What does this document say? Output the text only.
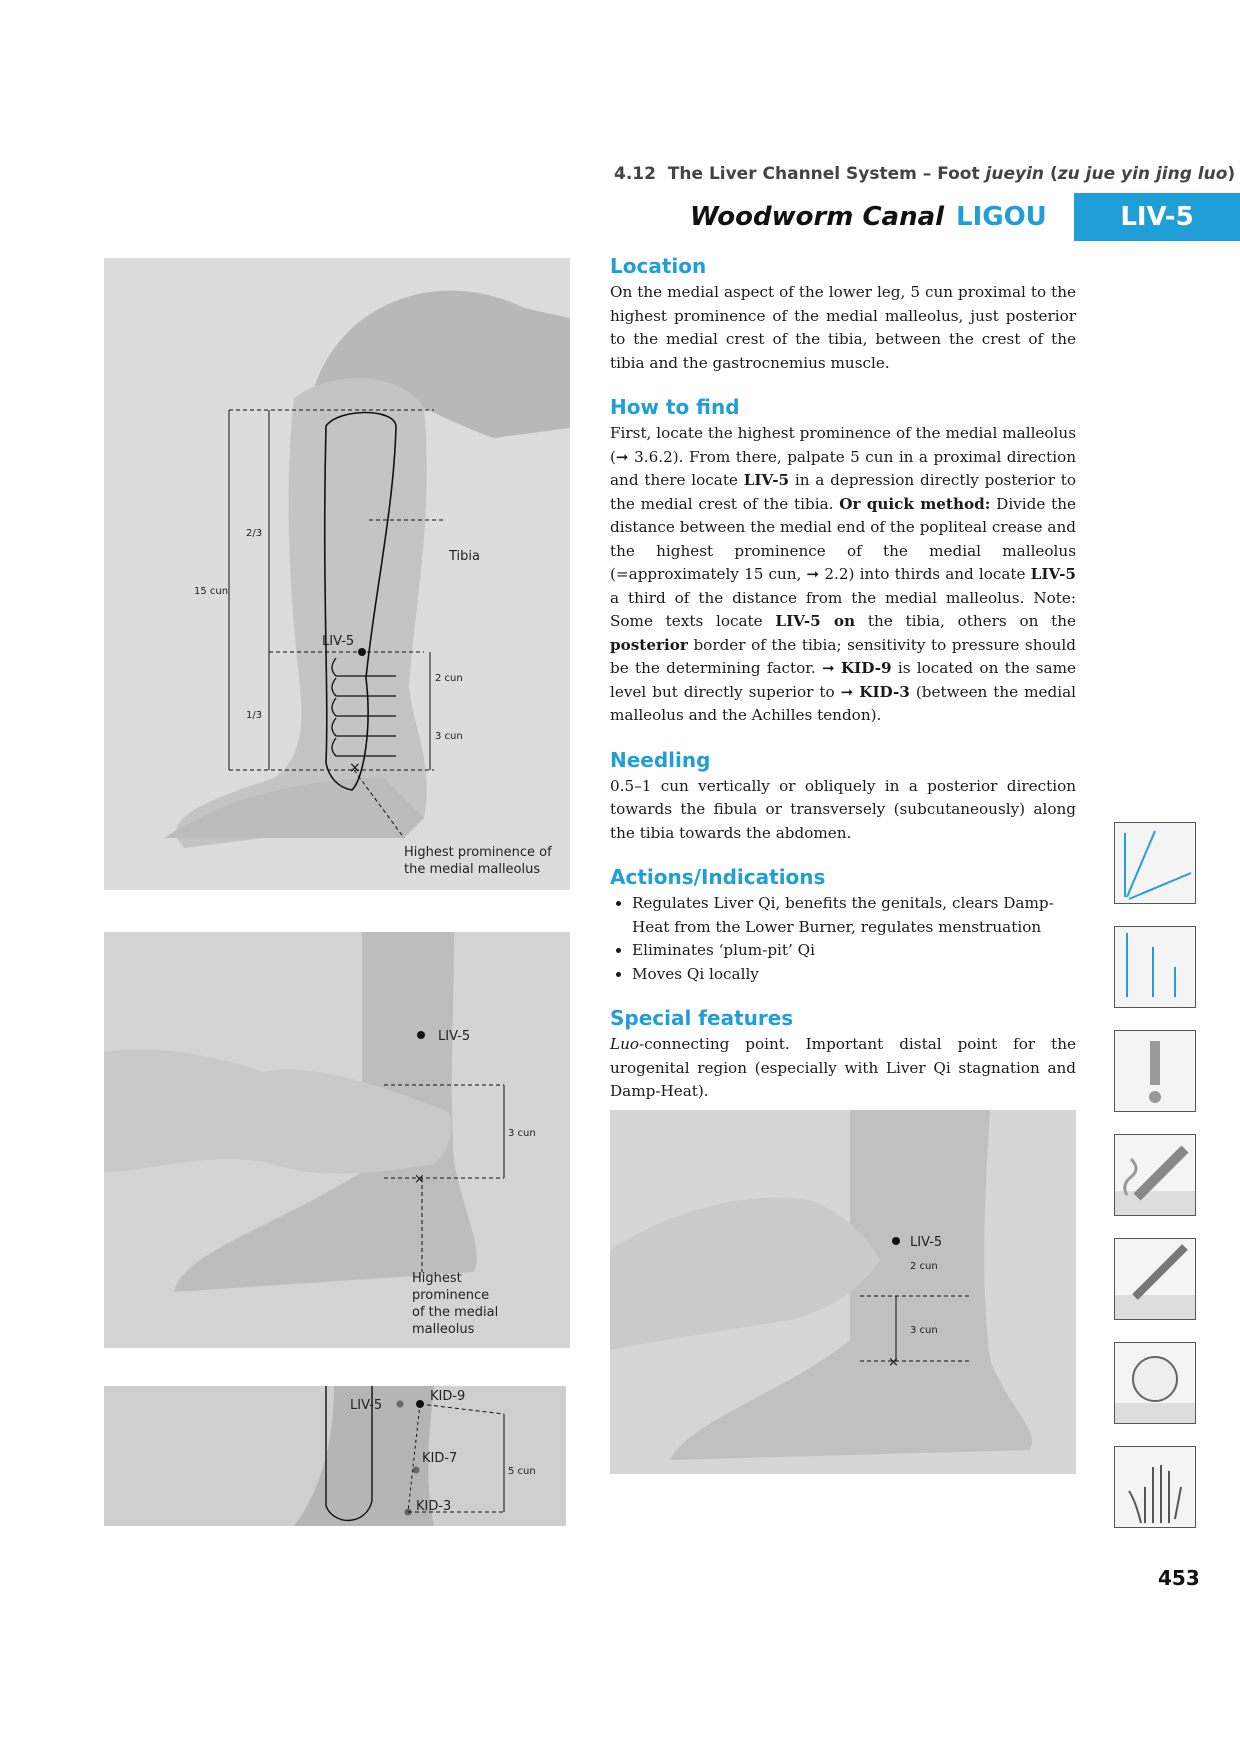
4.12 The Liver Channel System – Foot jueyin (zu jue yin jing luo)
Woodworm Canal LIGOU	LIV-5
Location

On the medial aspect of the lower leg, 5 cun proximal to the highest prominence of the medial malleolus, just posterior to the medial crest of the tibia, between the crest of the tibia and the gastrocnemius muscle.

How to find

First, locate the highest prominence of the medial malleolus (➞ 3.6.2). From there, palpate 5 cun in a proximal direction and there locate LIV-5 in a depression directly posterior to the medial crest of the tibia. Or quick method: Divide the distance between the medial end of the popliteal crease and the highest prominence of the medial malleolus (=approximately 15 cun, ➞ 2.2) into thirds and locate LIV-5 a third of the distance from the medial malleolus. Note: Some texts locate LIV-5 on the tibia, others on the posterior border of the tibia; sensitivity to pressure should be the determining factor. ➞ KID-9 is located on the same level but directly superior to ➞ KID-3 (between the medial malleolus and the Achilles tendon).

Needling

0.5–1 cun vertically or obliquely in a posterior direction towards the fibula or transversely (subcutaneously) along the tibia towards the abdomen.

Actions/Indications
• Regulates Liver Qi, benefits the genitals, clears Damp-Heat from the Lower Burner, regulates menstruation
• Eliminates ‘plum-pit’ Qi
• Moves Qi locally
Special features

Luo-connecting point. Important distal point for the urogenital region (especially with Liver Qi stagnation and Damp-Heat).

×
Tibia
15 cun
2/3
1/3
LIV-5
2 cun
3 cun
Highest prominence of
the medial malleolus
×
LIV-5
3 cun
Highest
prominence
of the medial
malleolus
LIV-5
KID-9
KID-7
KID-3
5 cun
×
LIV-5
2 cun
3 cun
453
